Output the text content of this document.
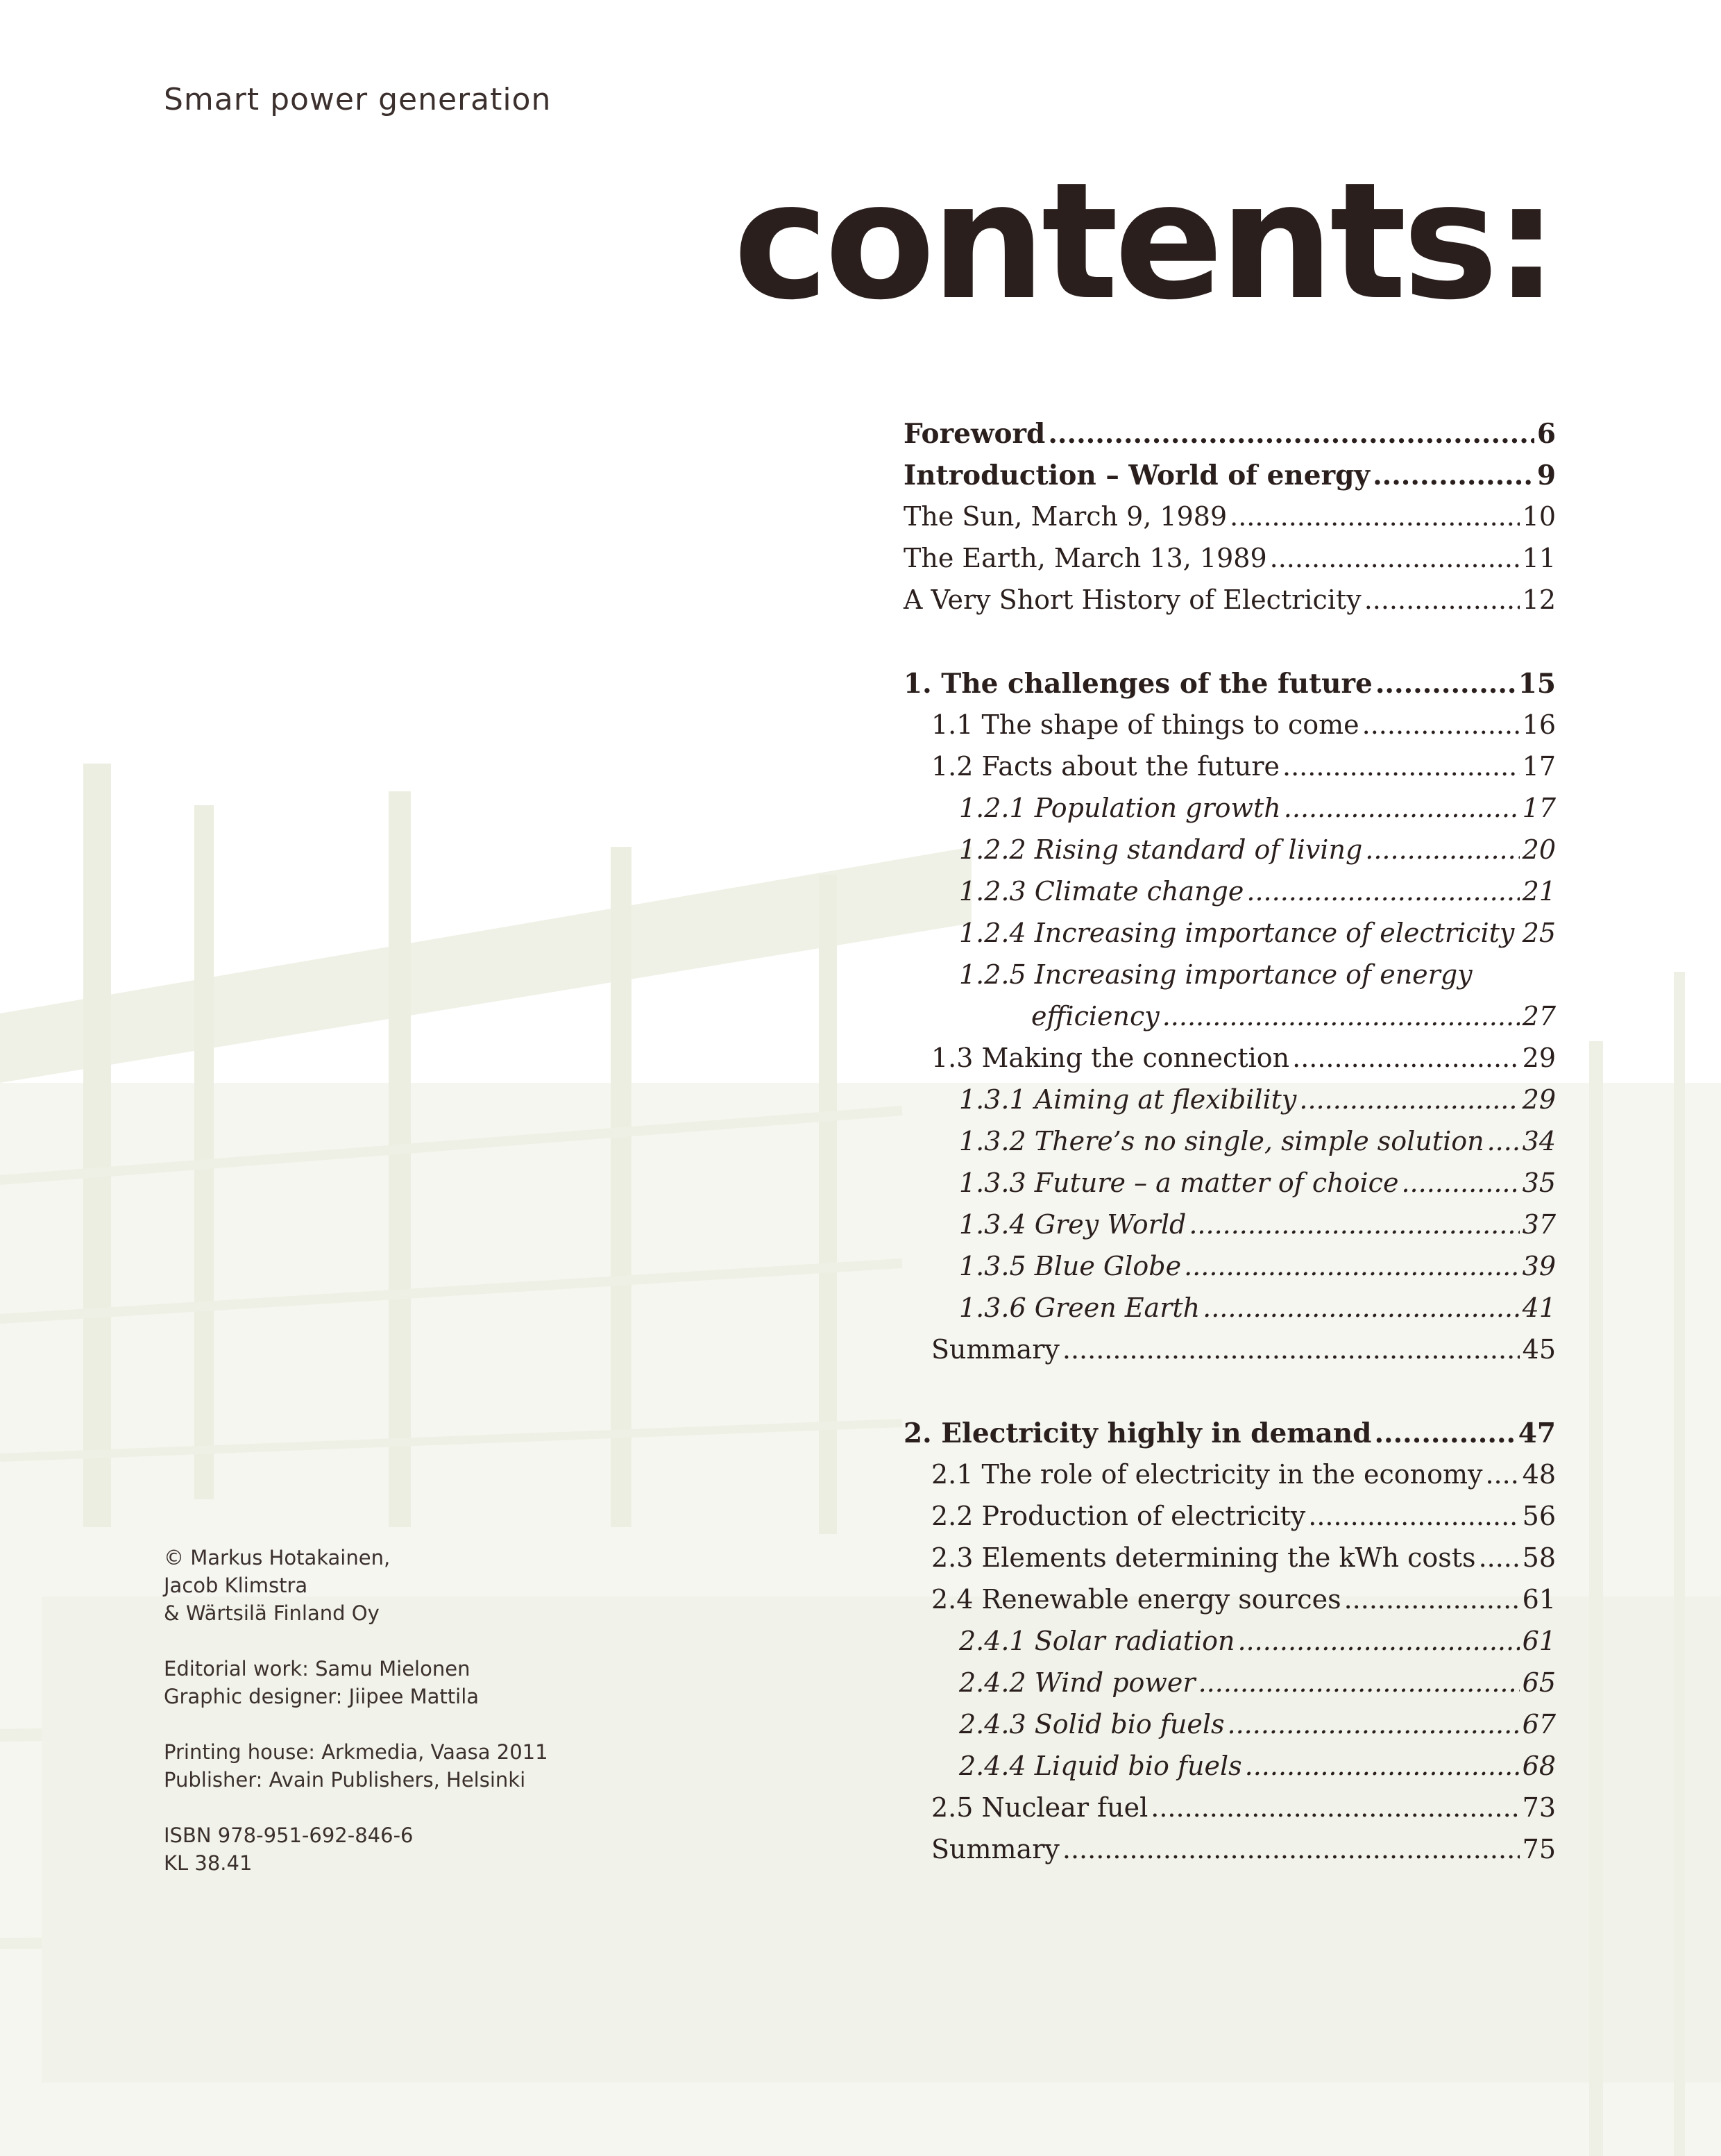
Smart power generation
contents:
Foreword .....	6
Introduction – World of energy .....	9
The Sun, March 9, 1989 .....	10
The Earth, March 13, 1989 .....	11
A Very Short History of Electricity .....	12
1. The challenges of the future .....	15
1.1 The shape of things to come .....	16
1.2 Facts about the future .....	17
1.2.1 Population growth .....	17
1.2.2 Rising standard of living .....	20
1.2.3 Climate change .....	21
1.2.4 Increasing importance of electricity ..... 25
1.2.5 Increasing importance of energy
efficiency .....	27
1.3 Making the connection .....	29
1.3.1 Aiming at flexibility .....	29
1.3.2 There’s no single, simple solution ..... 34
1.3.3 Future – a matter of choice .....	35
1.3.4 Grey World .....	37
1.3.5 Blue Globe .....	39
1.3.6 Green Earth .....	41
Summary .....	45
2. Electricity highly in demand .....	47
2.1 The role of electricity in the economy ..... 48
2.2 Production of electricity .....	56
2.3 Elements determining the kWh costs ..... 58
2.4 Renewable energy sources .....	61
2.4.1 Solar radiation .....	61
2.4.2 Wind power .....	65
2.4.3 Solid bio fuels .....	67
2.4.4 Liquid bio fuels .....	68
2.5 Nuclear fuel .....	73
Summary .....	75

© Markus Hotakainen,
Jacob Klimstra
& Wärtsilä Finland Oy

Editorial work: Samu Mielonen
Graphic designer: Jiipee Mattila

Printing house: Arkmedia, Vaasa 2011
Publisher: Avain Publishers, Helsinki

ISBN 978-951-692-846-6
KL 38.41
